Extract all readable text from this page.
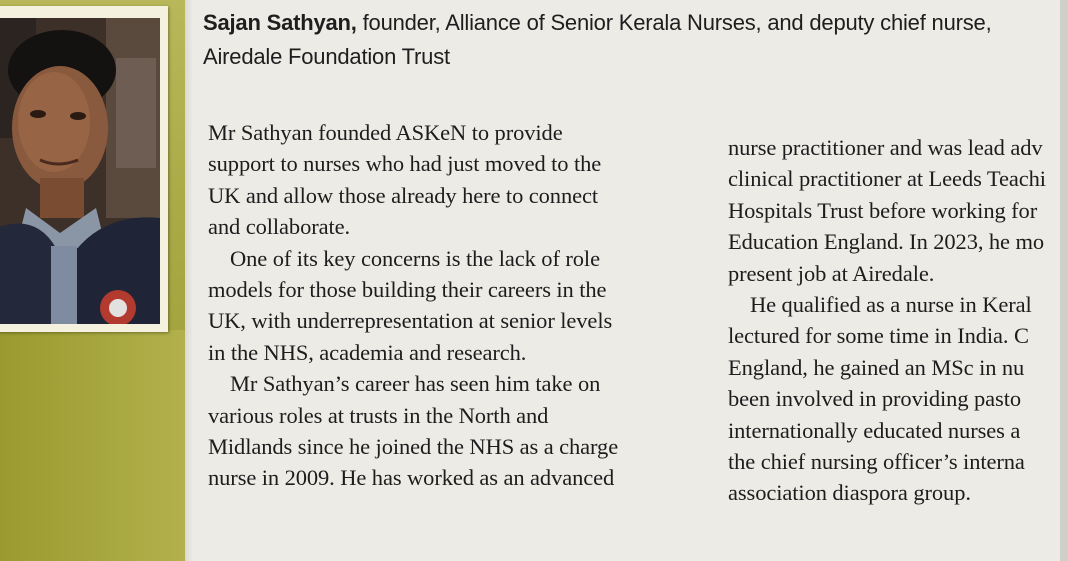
Sajan Sathyan, founder, Alliance of Senior Kerala Nurses, and deputy chief nurse,
Airedale Foundation Trust

Mr Sathyan founded ASKeN to provide

support to nurses who had just moved to the

UK and allow those already here to connect

and collaborate.

One of its key concerns is the lack of role

models for those building their careers in the

UK, with underrepresentation at senior levels

in the NHS, academia and research.

Mr Sathyan’s career has seen him take on

various roles at trusts in the North and

Midlands since he joined the NHS as a charge

nurse in 2009. He has worked as an advanced

nurse practitioner and was lead adv

clinical practitioner at Leeds Teachi

Hospitals Trust before working for

Education England. In 2023, he mo

present job at Airedale.

He qualified as a nurse in Keral

lectured for some time in India. C

England, he gained an MSc in nu

been involved in providing pasto

internationally educated nurses a

the chief nursing officer’s interna

association diaspora group.
